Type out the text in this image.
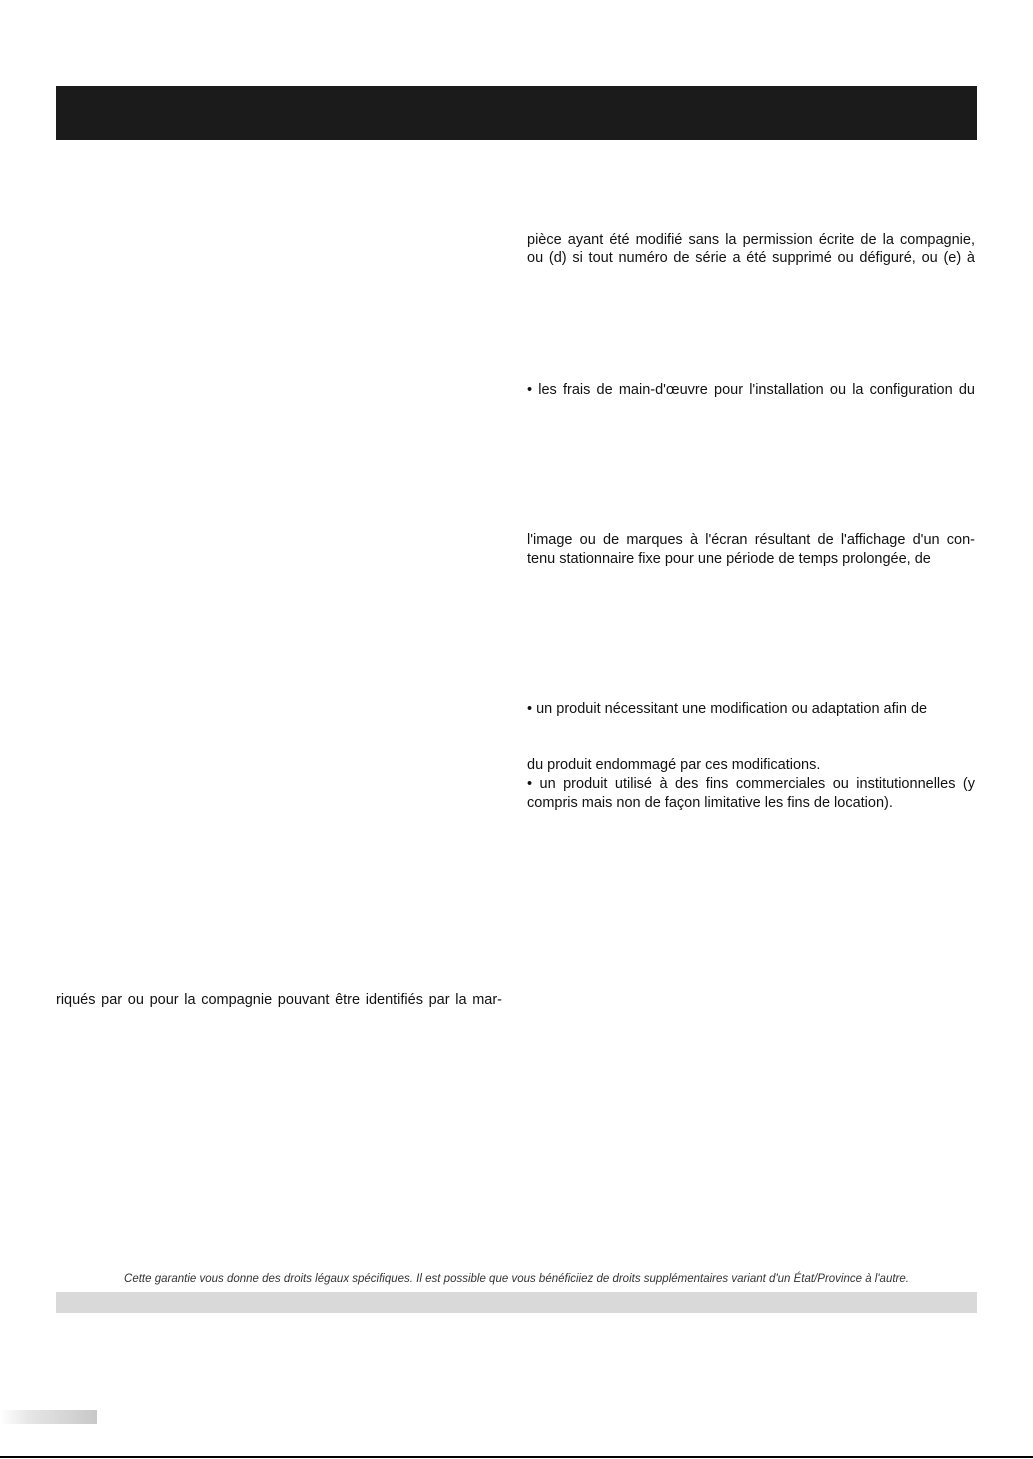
pièce ayant été modifié sans la permission écrite de la compagnie,
ou (d) si tout numéro de série a été supprimé ou défiguré, ou (e) à
• les frais de main-d'œuvre pour l'installation ou la configuration du
l'image ou de marques à l'écran résultant de l'affichage d'un con-
tenu stationnaire fixe pour une période de temps prolongée, de
• un produit nécessitant une modification ou adaptation afin de
du produit endommagé par ces modifications.
• un produit utilisé à des fins commerciales ou institutionnelles (y
compris mais non de façon limitative les fins de location).
riqués par ou pour la compagnie pouvant être identifiés par la mar-
Cette garantie vous donne des droits légaux spécifiques. Il est possible que vous bénéficiiez de droits supplémentaires variant d'un État/Province à l'autre.
